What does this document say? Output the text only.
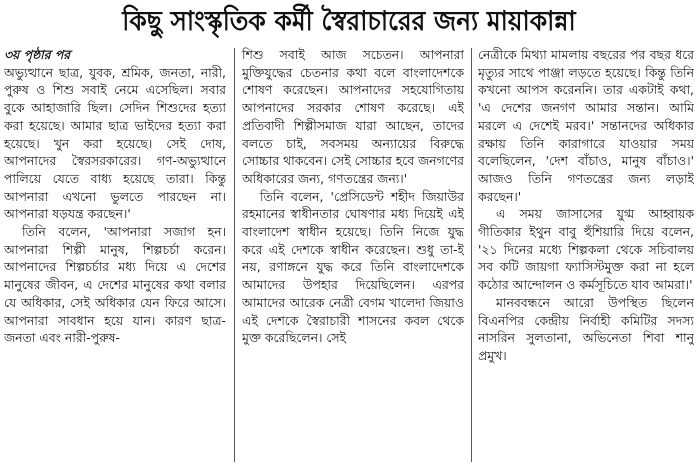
কিছু সাংস্কৃতিক কর্মী স্বৈরাচারের জন্য মায়াকান্না

৩য় পৃষ্ঠার পর

অভ্যুত্থানে ছাত্র, যুবক, শ্রমিক, জনতা, নারী, পুরুষ ও শিশু সবাই নেমে এসেছিল। সবার বুকে আহাজারি ছিল। সেদিন শিশুদের হত্যা করা হয়েছে। আমার ছাত্র ভাইদের হত্যা করা হয়েছে। খুন করা হয়েছে। সেই দোষ, আপনাদের স্বৈরসরকারের। গণ-অভ্যুত্থানে পালিয়ে যেতে বাধ্য হয়েছে তারা। কিন্তু আপনারা এখনো ভুলতে পারছেন না। আপনারা ষড়যন্ত্র করছেন।'

তিনি বলেন, 'আপনারা সজাগ হন। আপনারা শিল্পী মানুষ, শিল্পচর্চা করেন। আপনাদের শিল্পচর্চার মধ্য দিয়ে এ দেশের মানুষের জীবন, এ দেশের মানুষের কথা বলার যে অধিকার, সেই অধিকার যেন ফিরে আসে। আপনারা সাবধান হয়ে যান। কারণ ছাত্র-জনতা এবং নারী-পুরুষ-

শিশু সবাই আজ সচেতন। আপনারা মুক্তিযুদ্ধের চেতনার কথা বলে বাংলাদেশকে শোষণ করেছেন। আপনাদের সহযোগিতায় আপনাদের সরকার শোষণ করেছে। এই প্রতিবাদী শিল্পীসমাজ যারা আছেন, তাদের বলতে চাই, সবসময় অন্যায়ের বিরুদ্ধে সোচ্চার থাকবেন। সেই সোচ্চার হবে জনগণের অধিকারের জন্য, গণতন্ত্রের জন্য।'

তিনি বলেন, 'প্রেসিডেন্ট শহীদ জিয়াউর রহমানের স্বাধীনতার ঘোষণার মধ্য দিয়েই এই বাংলাদেশ স্বাধীন হয়েছে। তিনি নিজে যুদ্ধ করে এই দেশকে স্বাধীন করেছেন। শুধু তা-ই নয়, রণাঙ্গনে যুদ্ধ করে তিনি বাংলাদেশকে আমাদের উপহার দিয়েছিলেন। এরপর আমাদের আরেক নেত্রী বেগম খালেদা জিয়াও এই দেশকে স্বৈরাচারী শাসনের কবল থেকে মুক্ত করেছিলেন। সেই

নেত্রীকে মিথ্যা মামলায় বছরের পর বছর ধরে মৃত্যুর সাথে পাঞ্জা লড়তে হয়েছে। কিন্তু তিনি কখনো আপস করেননি। তার একটাই কথা, 'এ দেশের জনগণ আমার সন্তান। আমি মরলে এ দেশেই মরব।' সন্তানদের অধিকার রক্ষায় তিনি কারাগারে যাওয়ার সময় বলেছিলেন, 'দেশ বাঁচাও, মানুষ বাঁচাও।' আজও তিনি গণতন্ত্রের জন্য লড়াই করছেন।'

এ সময় জাসাসের যুগ্ম আহ্বায়ক গীতিকার ইথুন বাবু হুঁশিয়ারি দিয়ে বলেন, '২১ দিনের মধ্যে শিল্পকলা থেকে সচিবালয় সব কটি জায়গা ফ্যাসিস্টমুক্ত করা না হলে কঠোর আন্দোলন ও কর্মসূচিতে যাব আমরা।'

মানববন্ধনে আরো উপস্থিত ছিলেন বিএনপির কেন্দ্রীয় নির্বাহী কমিটির সদস্য নাসরিন সুলতানা, অভিনেতা শিবা শানু প্রমুখ।
